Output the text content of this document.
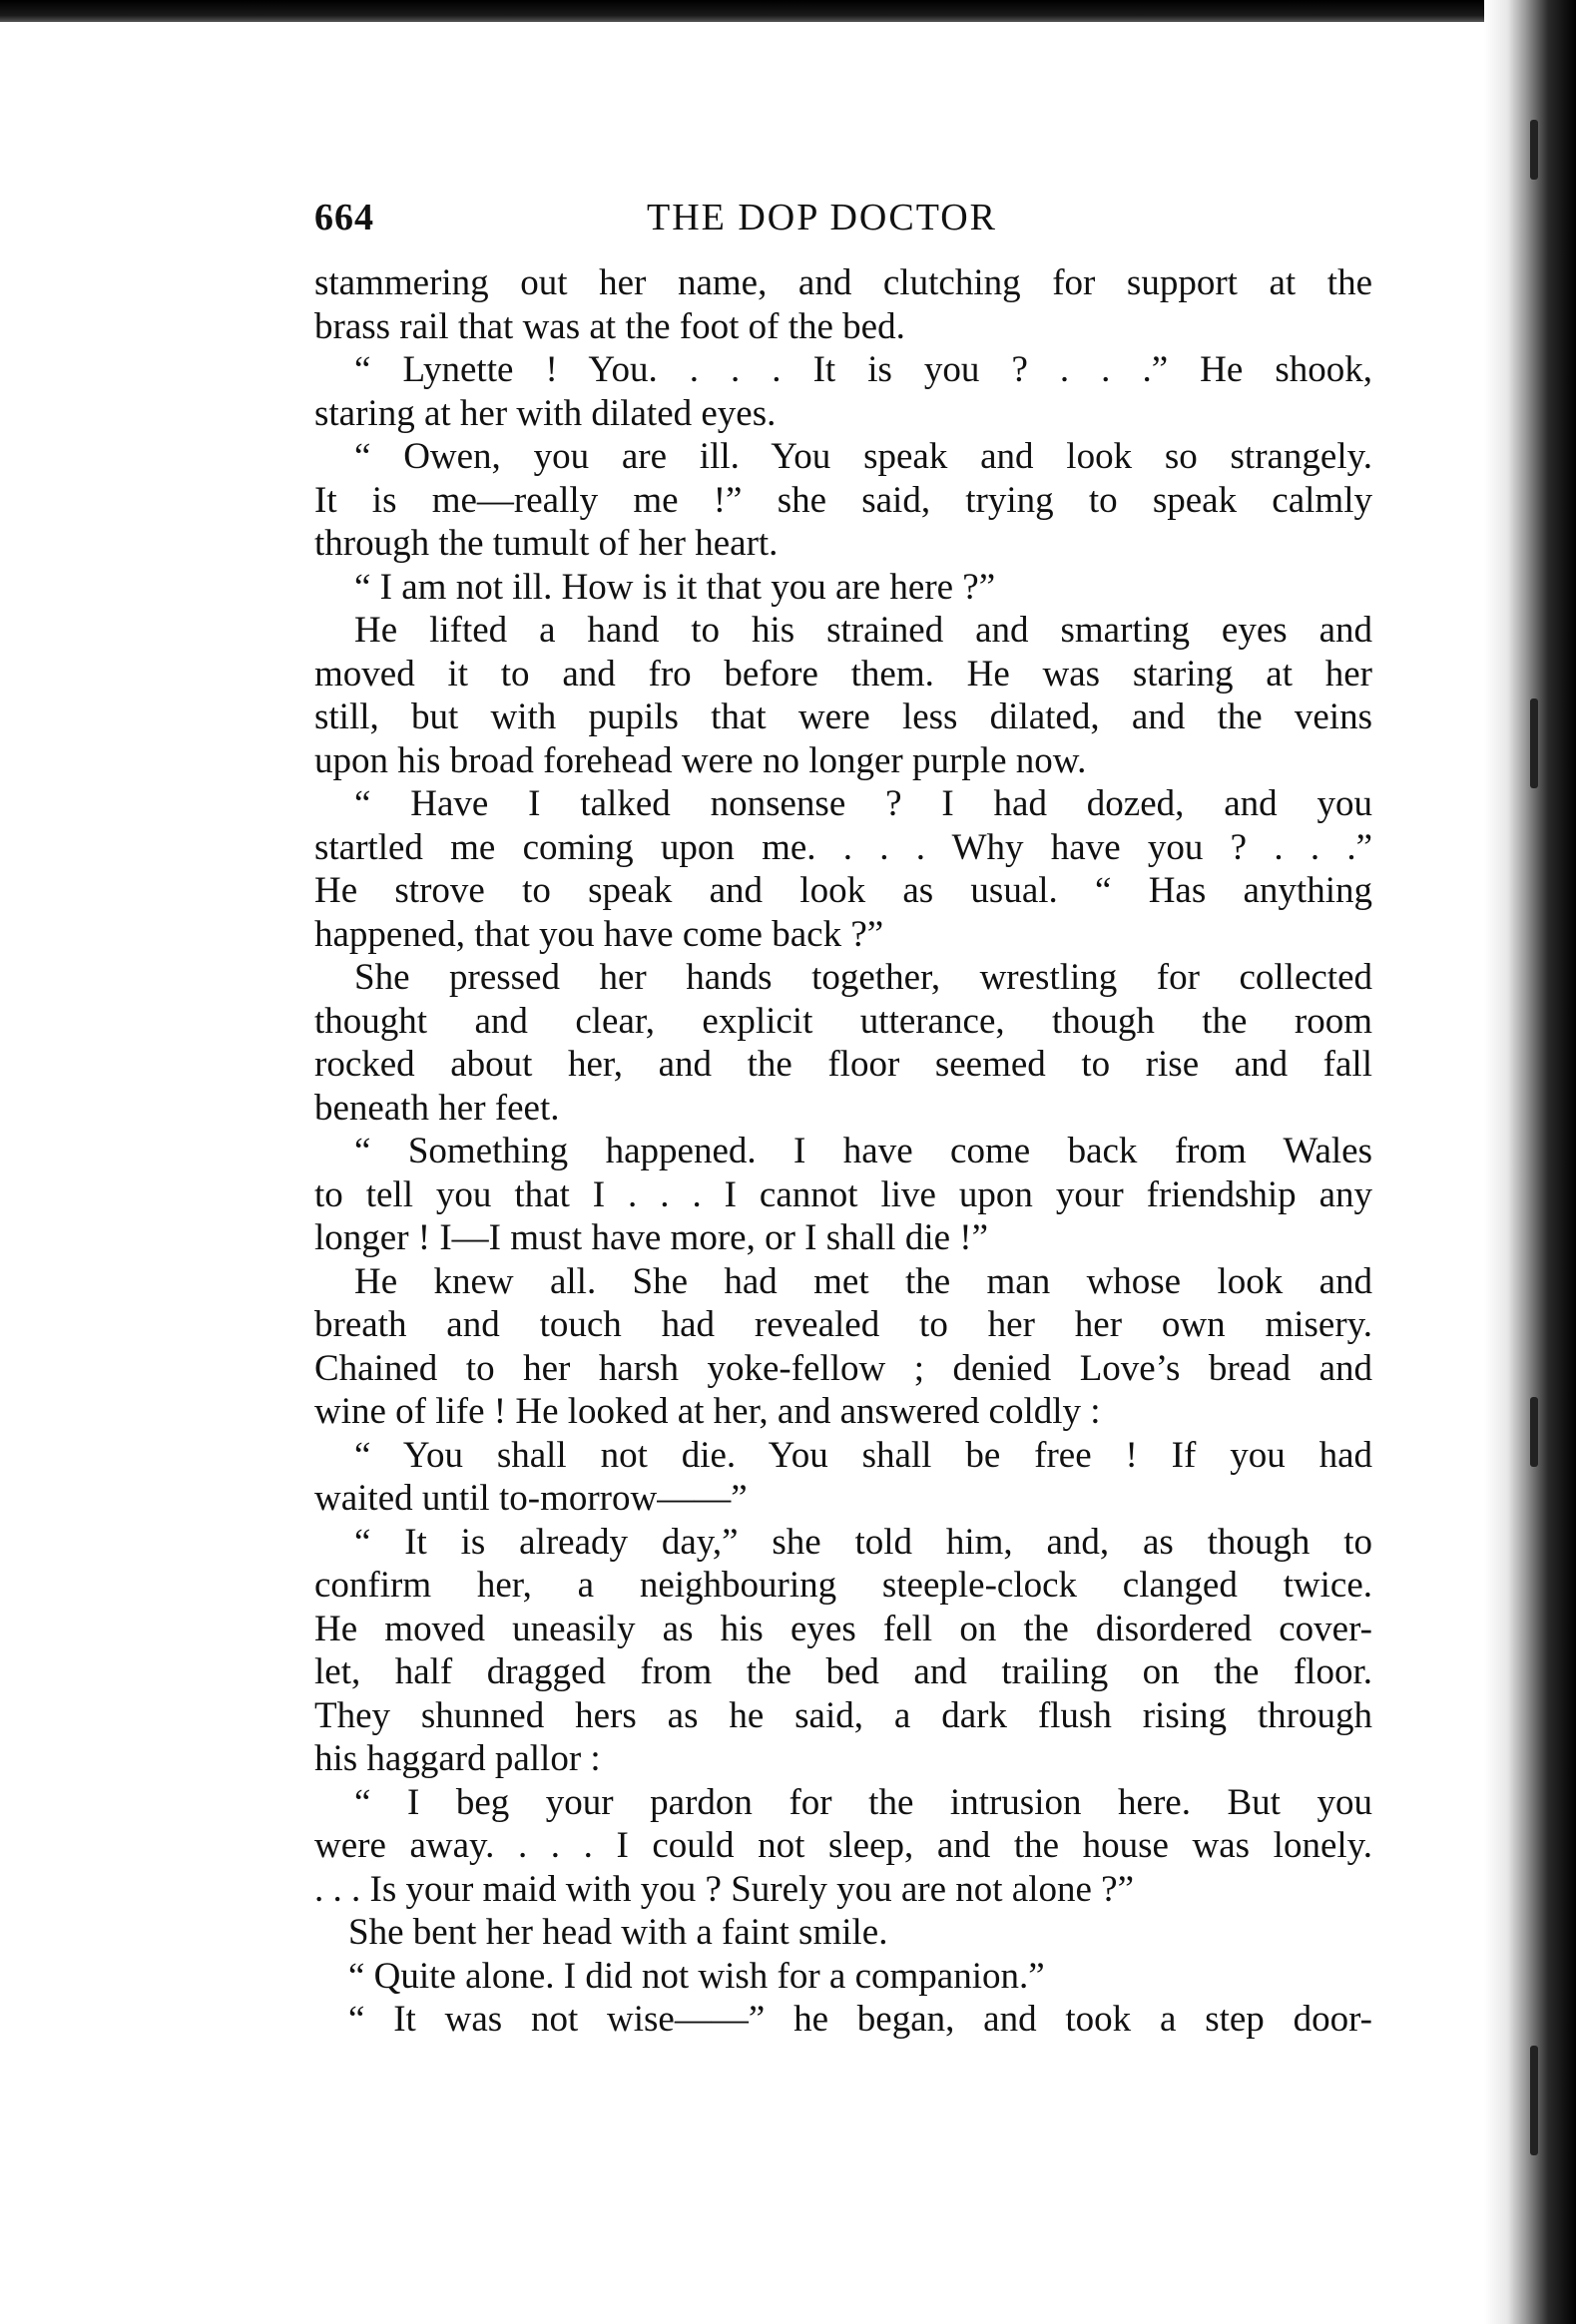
664	THE DOP DOCTOR
stammering out her name, and clutching for support at the
brass rail that was at the foot of the bed.
“ Lynette ! You. . . . It is you ? . . .” He shook,
staring at her with dilated eyes.
“ Owen, you are ill. You speak and look so strangely.
It is me—really me !” she said, trying to speak calmly
through the tumult of her heart.
“ I am not ill. How is it that you are here ?”
He lifted a hand to his strained and smarting eyes and
moved it to and fro before them. He was staring at her
still, but with pupils that were less dilated, and the veins
upon his broad forehead were no longer purple now.
“ Have I talked nonsense ? I had dozed, and you
startled me coming upon me. . . . Why have you ? . . .”
He strove to speak and look as usual. “ Has anything
happened, that you have come back ?”
She pressed her hands together, wrestling for collected
thought and clear, explicit utterance, though the room
rocked about her, and the floor seemed to rise and fall
beneath her feet.
“ Something happened. I have come back from Wales
to tell you that I . . . I cannot live upon your friendship any
longer ! I—I must have more, or I shall die !”
He knew all. She had met the man whose look and
breath and touch had revealed to her her own misery.
Chained to her harsh yoke-fellow ; denied Love’s bread and
wine of life ! He looked at her, and answered coldly :
“ You shall not die. You shall be free ! If you had
waited until to-morrow——”
“ It is already day,” she told him, and, as though to
confirm her, a neighbouring steeple-clock clanged twice.
He moved uneasily as his eyes fell on the disordered cover-
let, half dragged from the bed and trailing on the floor.
They shunned hers as he said, a dark flush rising through
his haggard pallor :
“ I beg your pardon for the intrusion here. But you
were away. . . . I could not sleep, and the house was lonely.
. . . Is your maid with you ? Surely you are not alone ?”
She bent her head with a faint smile.
“ Quite alone. I did not wish for a companion.”
“ It was not wise——” he began, and took a step door-
